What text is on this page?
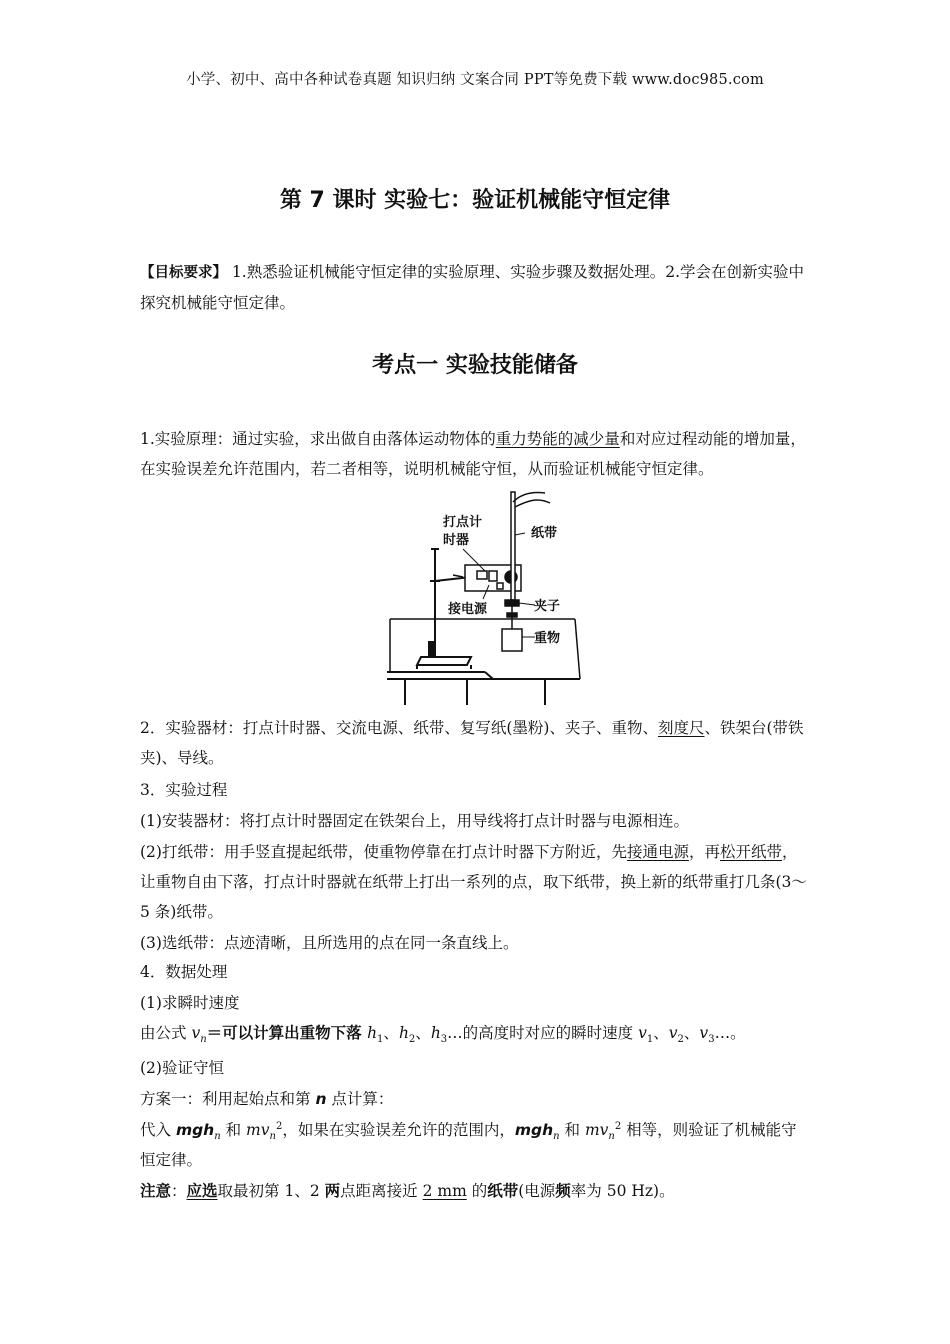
小学、初中、高中各种试卷真题 知识归纳 文案合同 PPT等免费下载 www.doc985.com
第 7 课时 实验七：验证机械能守恒定律
【目标要求】 1.熟悉验证机械能守恒定律的实验原理、实验步骤及数据处理。2.学会在创新实验中探究机械能守恒定律。
考点一 实验技能储备
1.实验原理：通过实验，求出做自由落体运动物体的重力势能的减少量和对应过程动能的增加量，在实验误差允许范围内，若二者相等，说明机械能守恒，从而验证机械能守恒定律。
打点计
时器	纸带
接电源	夹子
重物
2．实验器材：打点计时器、交流电源、纸带、复写纸(墨粉)、夹子、重物、刻度尺、铁架台(带铁夹)、导线。
3．实验过程
(1)安装器材：将打点计时器固定在铁架台上，用导线将打点计时器与电源相连。
(2)打纸带：用手竖直提起纸带，使重物停靠在打点计时器下方附近，先接通电源，再松开纸带，让重物自由下落，打点计时器就在纸带上打出一系列的点，取下纸带，换上新的纸带重打几条(3～5 条)纸带。
(3)选纸带：点迹清晰，且所选用的点在同一条直线上。
4．数据处理
(1)求瞬时速度
由公式 $v_n=$可以计算出重物下落 $h_1$、$h_2$、$h_3\dots$的高度时对应的瞬时速度 $v_1$、$v_2$、$v_3\dots$。
(2)验证守恒
方案一：利用起始点和第 n 点计算：
代入 mgh$_n$ 和 $mv_n^2$，如果在实验误差允许的范围内，mgh$_n$ 和 $mv_n^2$ 相等，则验证了机械能守恒定律。
注意：应选取最初第 1、2 两点距离接近 2 mm 的纸带(电源频率为 50 Hz)。
